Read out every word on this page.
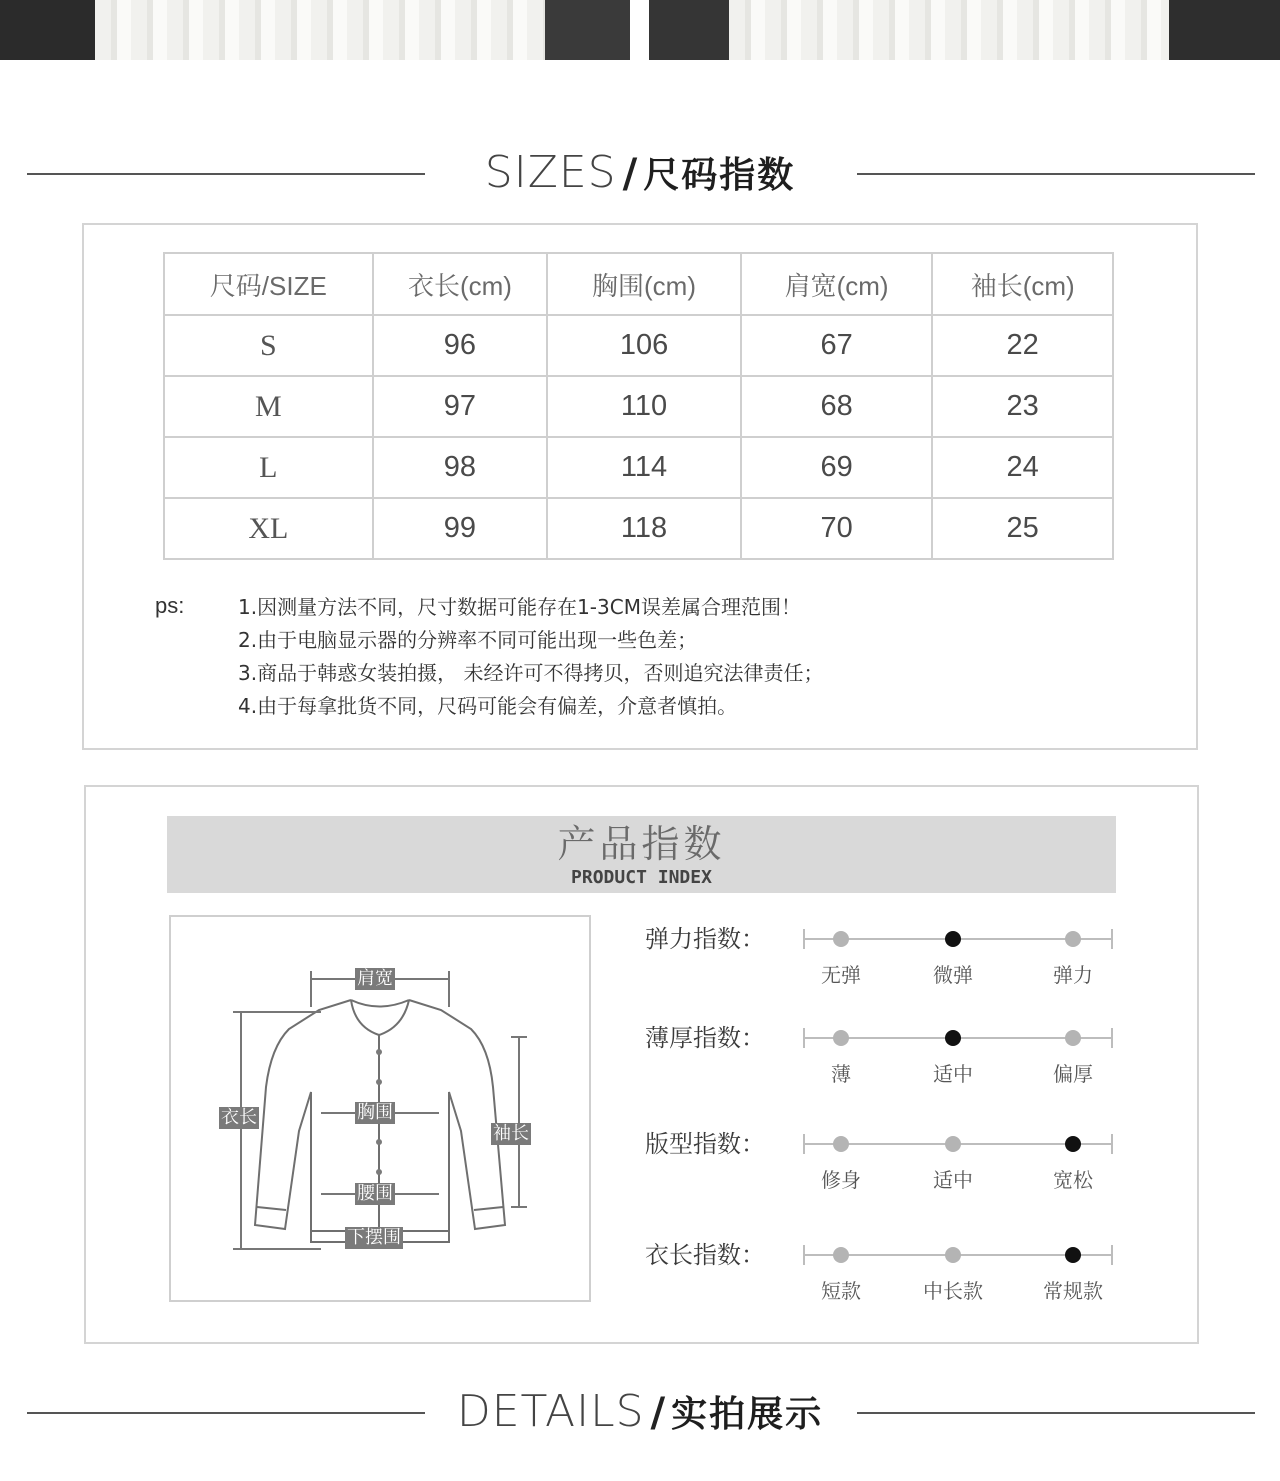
SIZES / 尺码指数
尺码/SIZE	衣长(cm)	胸围(cm)	肩宽(cm)	袖长(cm)
S	96	106	67	22
M	97	110	68	23
L	98	114	69	24
XL	99	118	70	25
ps:	1.因测量方法不同，尺寸数据可能存在1-3CM误差属合理范围！
2.由于电脑显示器的分辨率不同可能出现一些色差；
3.商品于韩惑女装拍摄， 未经许可不得拷贝，否则追究法律责任；
4.由于每拿批货不同，尺码可能会有偏差，介意者慎拍。
产品指数
PRODUCT INDEX
肩宽
衣长	胸围
袖长
腰围
下摆围
弹力指数：
无弹	微弹	弹力
薄厚指数：
薄	适中	偏厚
版型指数：
修身	适中	宽松
衣长指数：
短款	中长款	常规款
DETAILS / 实拍展示
